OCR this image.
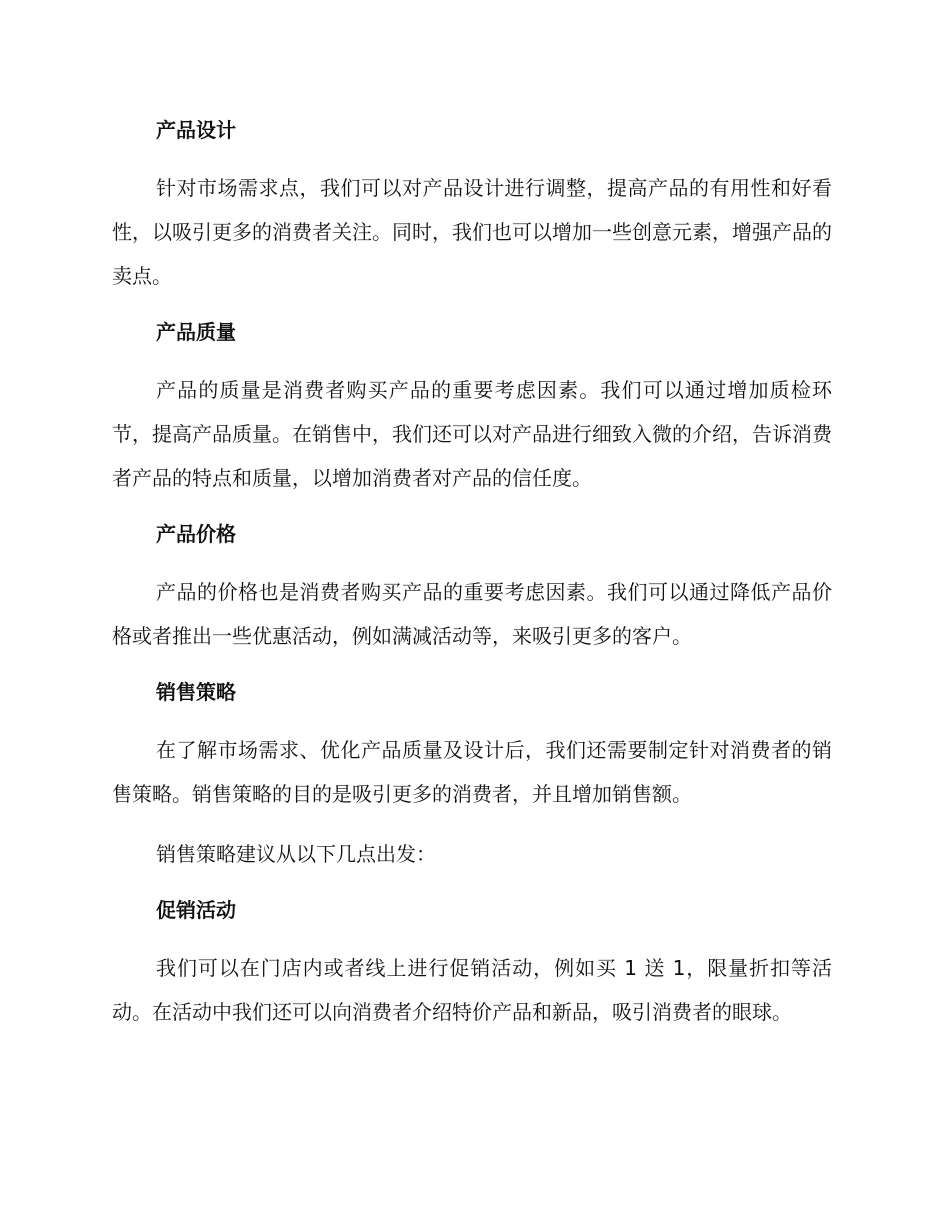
产品设计

针对市场需求点，我们可以对产品设计进行调整，提高产品的有用性和好看性，以吸引更多的消费者关注。同时，我们也可以增加一些创意元素，增强产品的卖点。

产品质量

产品的质量是消费者购买产品的重要考虑因素。我们可以通过增加质检环节，提高产品质量。在销售中，我们还可以对产品进行细致入微的介绍，告诉消费者产品的特点和质量，以增加消费者对产品的信任度。

产品价格

产品的价格也是消费者购买产品的重要考虑因素。我们可以通过降低产品价格或者推出一些优惠活动，例如满减活动等，来吸引更多的客户。

销售策略

在了解市场需求、优化产品质量及设计后，我们还需要制定针对消费者的销售策略。销售策略的目的是吸引更多的消费者，并且增加销售额。

销售策略建议从以下几点出发：

促销活动

我们可以在门店内或者线上进行促销活动，例如买 1 送 1，限量折扣等活动。在活动中我们还可以向消费者介绍特价产品和新品，吸引消费者的眼球。
